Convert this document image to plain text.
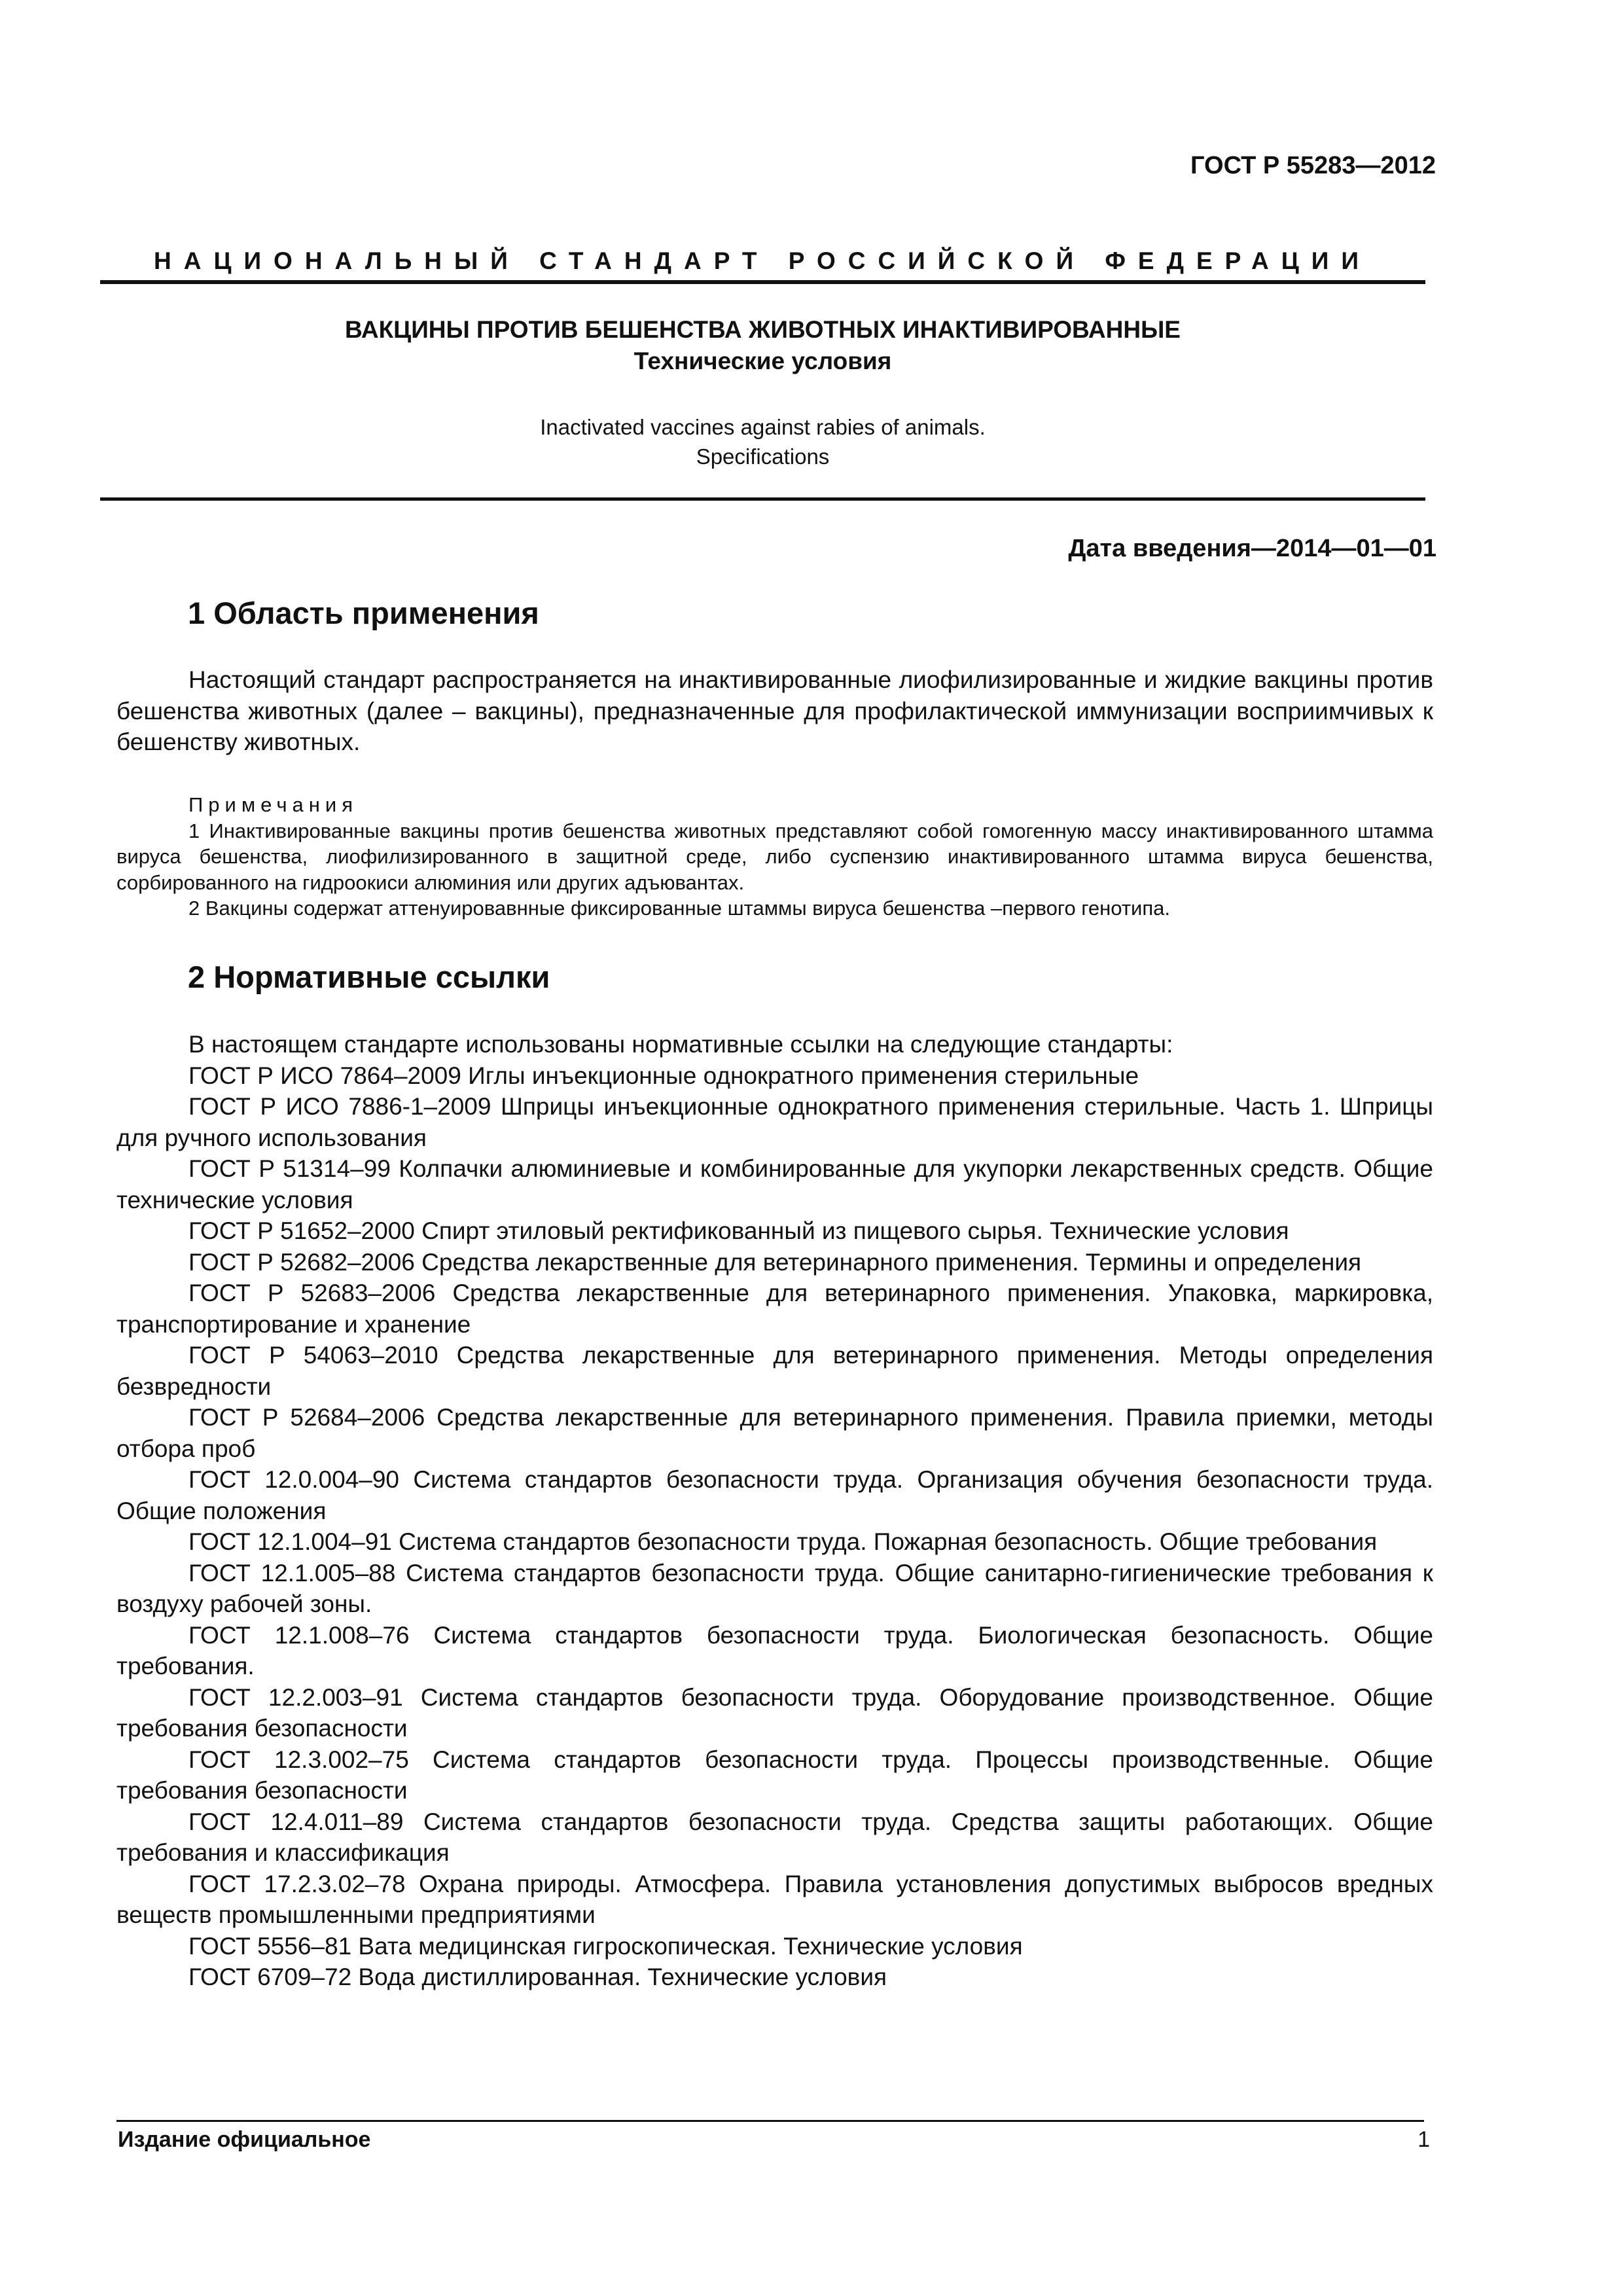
ГОСТ Р 55283—2012
НАЦИОНАЛЬНЫЙ СТАНДАРТ РОССИЙСКОЙ ФЕДЕРАЦИИ
ВАКЦИНЫ ПРОТИВ БЕШЕНСТВА ЖИВОТНЫХ ИНАКТИВИРОВАННЫЕ
Технические условия
Inactivated vaccines against rabies of animals.
Specifications
Дата введения—2014—01—01
1 Область применения

Настоящий стандарт распространяется на инактивированные лиофилизированные и жидкие вакцины против бешенства животных (далее – вакцины), предназначенные для профилактической иммунизации восприимчивых к бешенству животных.

Примечания

1 Инактивированные вакцины против бешенства животных представляют собой гомогенную массу инактивированного штамма вируса бешенства, лиофилизированного в защитной среде, либо суспензию инактивированного штамма вируса бешенства, сорбированного на гидроокиси алюминия или других адъювантах.

2 Вакцины содержат аттенуировавнные фиксированные штаммы вируса бешенства –первого генотипа.

2 Нормативные ссылки

В настоящем стандарте использованы нормативные ссылки на следующие стандарты:

ГОСТ Р ИСО 7864–2009 Иглы инъекционные однократного применения стерильные

ГОСТ Р ИСО 7886-1–2009 Шприцы инъекционные однократного применения стерильные. Часть 1. Шприцы для ручного использования

ГОСТ Р 51314–99 Колпачки алюминиевые и комбинированные для укупорки лекарственных средств. Общие технические условия

ГОСТ Р 51652–2000 Спирт этиловый ректификованный из пищевого сырья. Технические условия

ГОСТ Р 52682–2006 Средства лекарственные для ветеринарного применения. Термины и определения

ГОСТ Р 52683–2006 Средства лекарственные для ветеринарного применения. Упаковка, маркировка, транспортирование и хранение

ГОСТ Р 54063–2010 Средства лекарственные для ветеринарного применения. Методы определения безвредности

ГОСТ Р 52684–2006 Средства лекарственные для ветеринарного применения. Правила приемки, методы отбора проб

ГОСТ 12.0.004–90 Система стандартов безопасности труда. Организация обучения безопасности труда. Общие положения

ГОСТ 12.1.004–91 Система стандартов безопасности труда. Пожарная безопасность. Общие требования

ГОСТ 12.1.005–88 Система стандартов безопасности труда. Общие санитарно-гигиенические требования к воздуху рабочей зоны.

ГОСТ 12.1.008–76 Система стандартов безопасности труда. Биологическая безопасность. Общие требования.

ГОСТ 12.2.003–91 Система стандартов безопасности труда. Оборудование производственное. Общие требования безопасности

ГОСТ 12.3.002–75 Система стандартов безопасности труда. Процессы производственные. Общие требования безопасности

ГОСТ 12.4.011–89 Система стандартов безопасности труда. Средства защиты работающих. Общие требования и классификация

ГОСТ 17.2.3.02–78 Охрана природы. Атмосфера. Правила установления допустимых выбросов вредных веществ промышленными предприятиями

ГОСТ 5556–81 Вата медицинская гигроскопическая. Технические условия

ГОСТ 6709–72 Вода дистиллированная. Технические условия

Издание официальное	1
